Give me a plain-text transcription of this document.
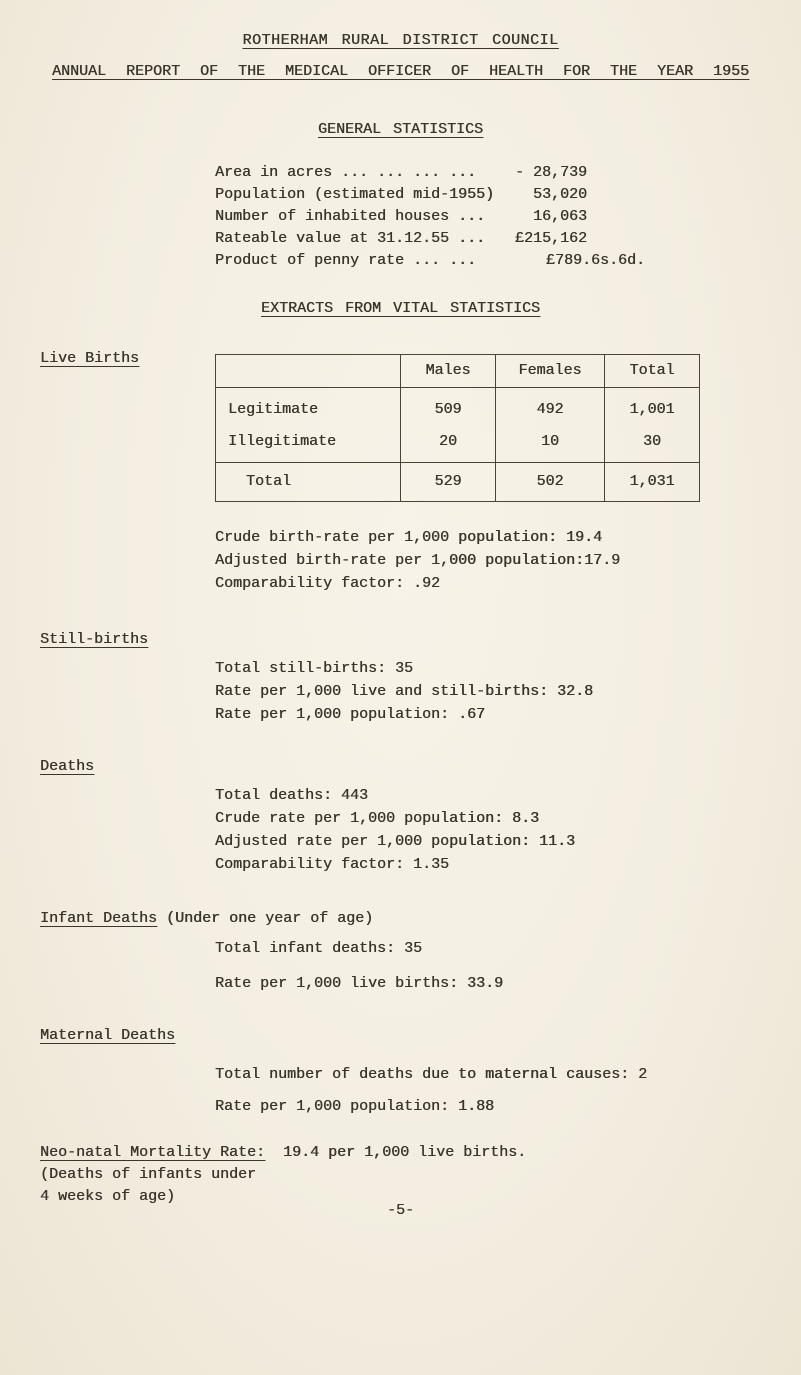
ROTHERHAM RURAL DISTRICT COUNCIL
ANNUAL REPORT OF THE MEDICAL OFFICER OF HEALTH FOR THE YEAR 1955
GENERAL STATISTICS
Area in acres ... ... ... ...	- 28,739
Population (estimated mid-1955)	53,020
Number of inhabited houses ...	16,063
Rateable value at 31.12.55 ... £215,162
Product of penny rate ... ...	£789.6s.6d.
EXTRACTS FROM VITAL STATISTICS
Live Births
	Males	Females	Total
Legitimate	509	492	1,001
Illegitimate	20	10	30
Total	529	502	1,031
Crude birth-rate per 1,000 population: 19.4
Adjusted birth-rate per 1,000 population:17.9
Comparability factor: .92
Still-births
Total still-births: 35
Rate per 1,000 live and still-births: 32.8
Rate per 1,000 population: .67
Deaths
Total deaths: 443
Crude rate per 1,000 population: 8.3
Adjusted rate per 1,000 population: 11.3
Comparability factor: 1.35
Infant Deaths (Under one year of age)
Total infant deaths: 35
Rate per 1,000 live births: 33.9
Maternal Deaths
Total number of deaths due to maternal causes: 2
Rate per 1,000 population: 1.88
Neo-natal Mortality Rate: 19.4 per 1,000 live births.
(Deaths of infants under
4 weeks of age)
-5-
